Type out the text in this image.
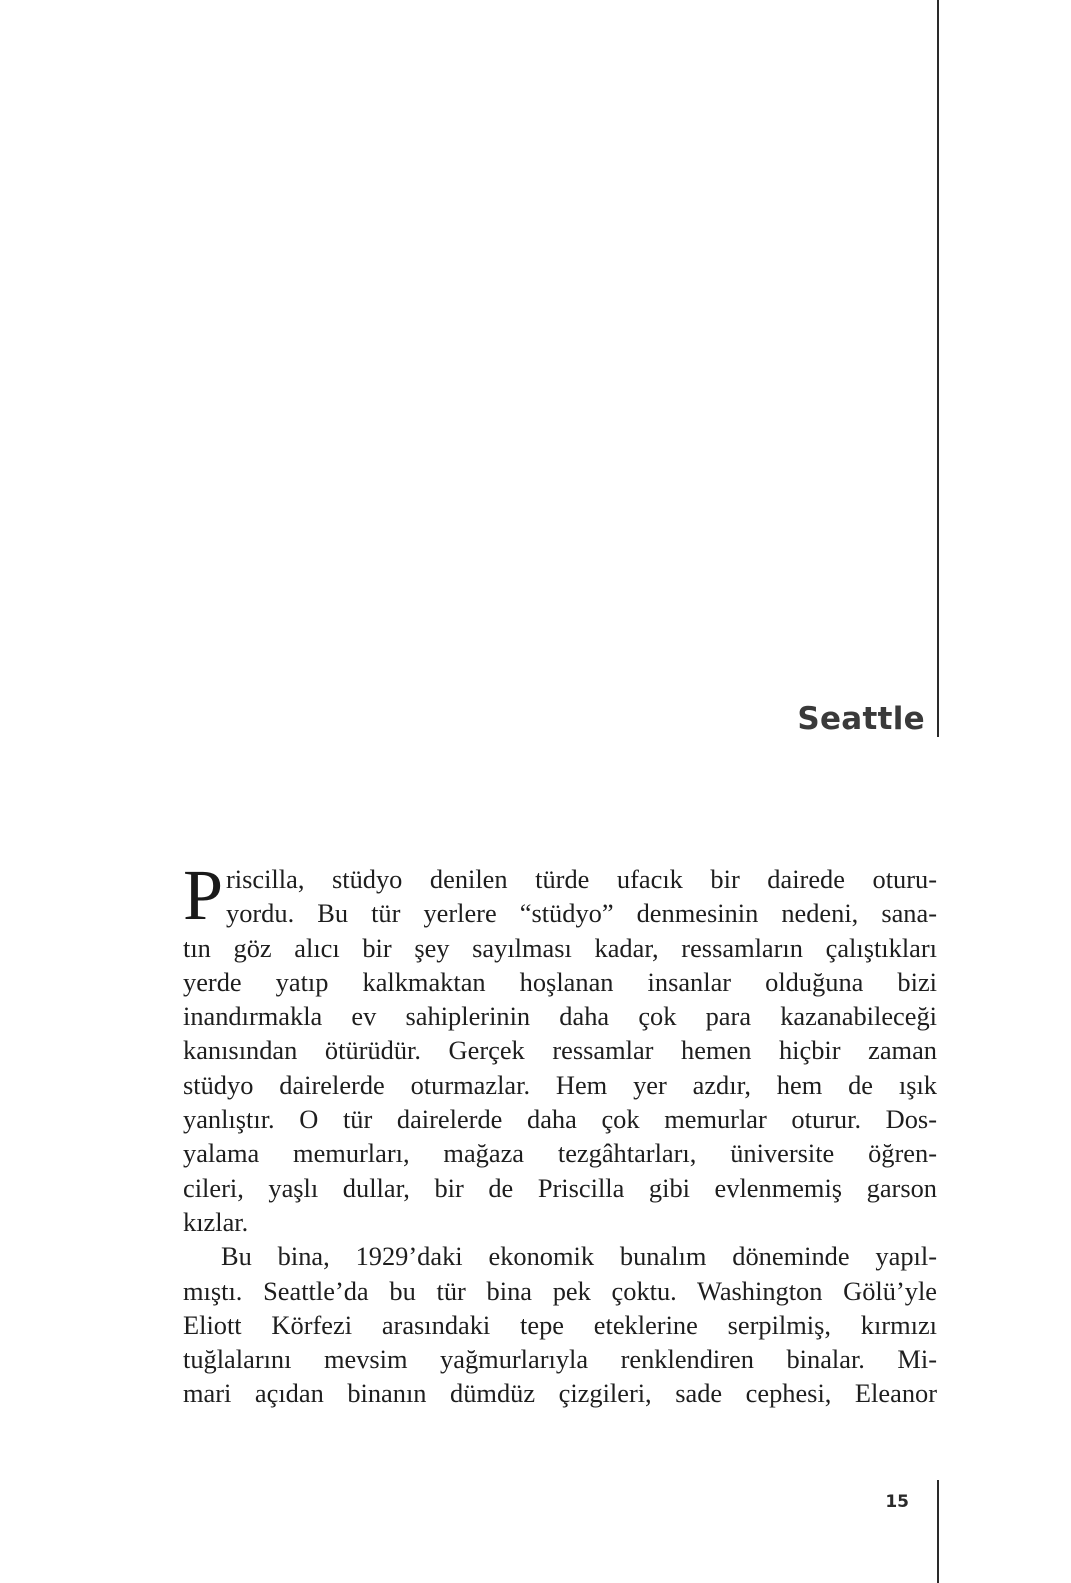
Seattle
P riscilla, stüdyo denilen türde ufacık bir dairede oturu-
yordu. Bu tür yerlere “stüdyo” denmesinin nedeni, sana-
tın göz alıcı bir şey sayılması kadar, ressamların çalıştıkları
yerde yatıp kalkmaktan hoşlanan insanlar olduğuna bizi
inandırmakla ev sahiplerinin daha çok para kazanabileceği
kanısından ötürüdür. Gerçek ressamlar hemen hiçbir zaman
stüdyo dairelerde oturmazlar. Hem yer azdır, hem de ışık
yanlıştır. O tür dairelerde daha çok memurlar oturur. Dos-
yalama memurları, mağaza tezgâhtarları, üniversite öğren-
cileri, yaşlı dullar, bir de Priscilla gibi evlenmemiş garson
kızlar.
Bu bina, 1929’daki ekonomik bunalım döneminde yapıl-
mıştı. Seattle’da bu tür bina pek çoktu. Washington Gölü’yle
Eliott Körfezi arasındaki tepe eteklerine serpilmiş, kırmızı
tuğlalarını mevsim yağmurlarıyla renklendiren binalar. Mi-
mari açıdan binanın dümdüz çizgileri, sade cephesi, Eleanor
15
